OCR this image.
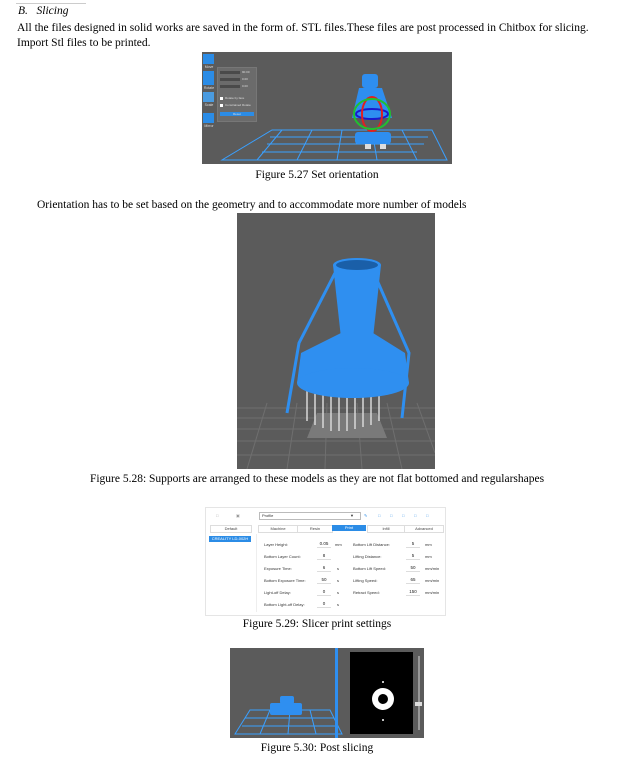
B. Slicing
All the files designed in solid works are saved in the form of. STL files.These files are post processed in Chitbox for slicing.
Import Stl files to be printed.
Move
Rotate
Scale
Mirror
90.00
0.00
0.00
Rotate by face
Constrained Rotate
Reset
Figure 5.27 Set orientation
Orientation has to be set based on the geometry and to accommodate more number of models
Figure 5.28: Supports are arranged to these models as they are not flat bottomed and regularshapes
□	▣	Profile	▼	✎	□ □ □ □ □
Default
CREALITY LD-002H
Machine	Resin	Print	Infill	Advanced
Layer Height:	0.05	mm
Bottom Layer Count:	8
Exposure Time:	6	s
Bottom Exposure Time:	50	s
Light-off Delay:	0	s
Bottom Light-off Delay:	0	s
Bottom Lift Distance:	5	mm
Lifting Distance:	5	mm
Bottom Lift Speed:	50	mm/min
Lifting Speed:	65	mm/min
Retract Speed:	150	mm/min
Figure 5.29: Slicer print settings
Figure 5.30: Post slicing
